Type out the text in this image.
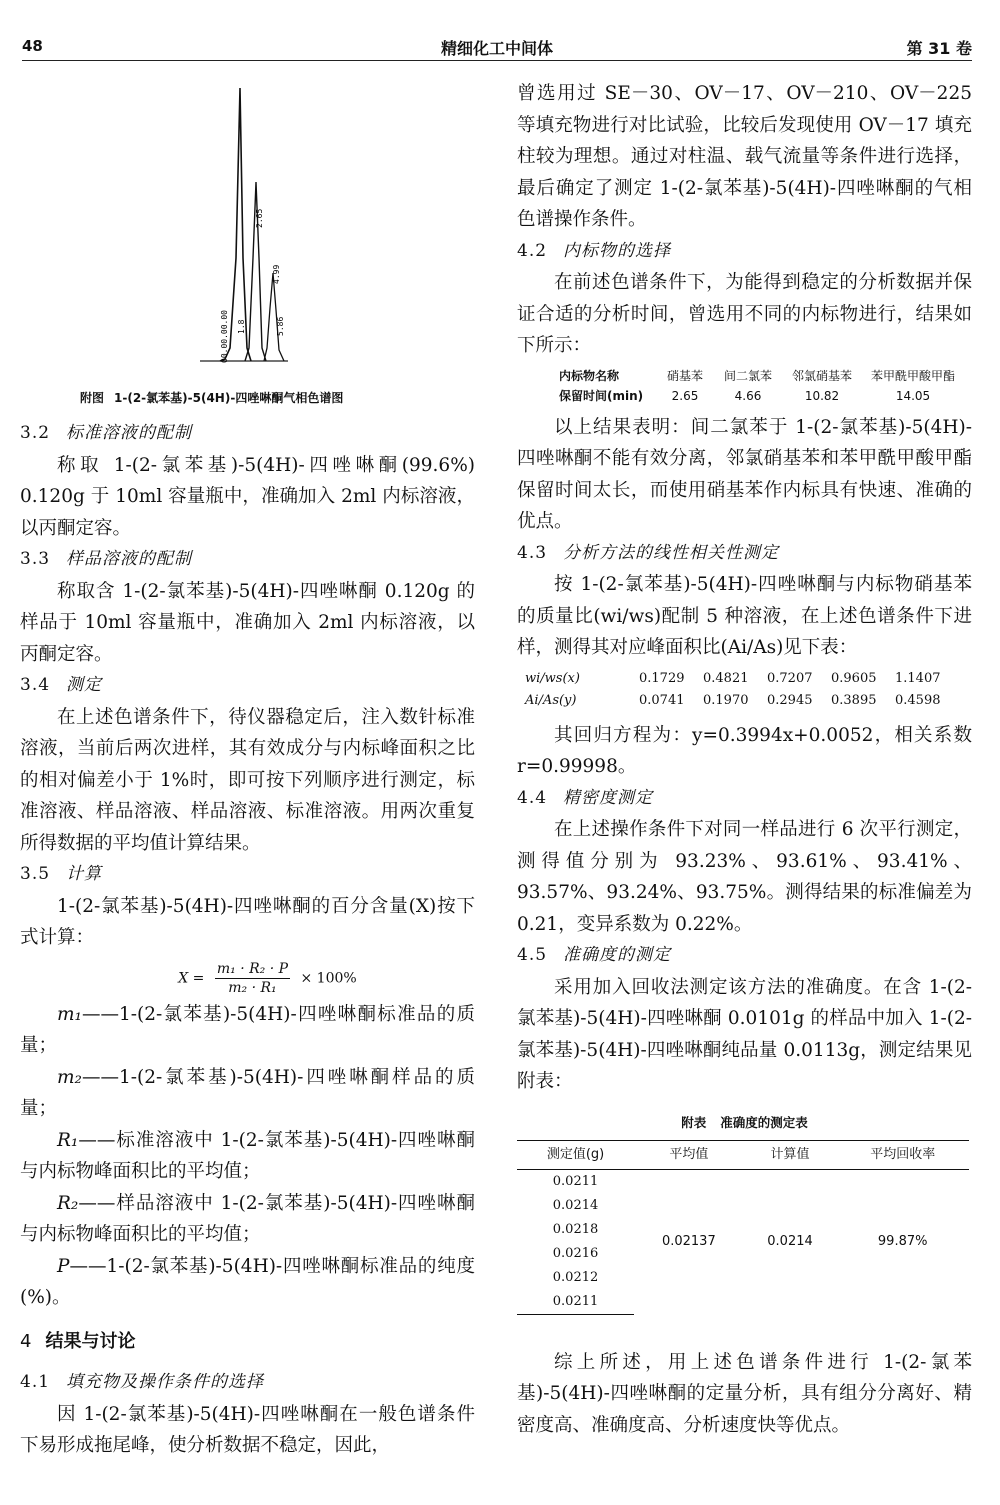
48	精细化工中间体	第 31 卷
00.00.00.00 1.8
2.65
4.99
5.86
附图 1-(2-氯苯基)-5(4H)-四唑啉酮气相色谱图
3.2 标准溶液的配制

称取 1-(2-氯苯基)-5(4H)-四唑啉酮(99.6%) 0.120g 于 10ml 容量瓶中，准确加入 2ml 内标溶液，以丙酮定容。

3.3 样品溶液的配制

称取含 1-(2-氯苯基)-5(4H)-四唑啉酮 0.120g 的样品于 10ml 容量瓶中，准确加入 2ml 内标溶液，以丙酮定容。

3.4 测定

在上述色谱条件下，待仪器稳定后，注入数针标准溶液，当前后两次进样，其有效成分与内标峰面积之比的相对偏差小于 1%时，即可按下列顺序进行测定，标准溶液、样品溶液、样品溶液、标准溶液。用两次重复所得数据的平均值计算结果。

3.5 计算

1-(2-氯苯基)-5(4H)-四唑啉酮的百分含量(X)按下式计算：

$X = \frac{\text{m₁ · R₂ · P}}{\text{m₂ · R₁}} \times 100\%$

m₁——1-(2-氯苯基)-5(4H)-四唑啉酮标准品的质量；

m₂——1-(2-氯苯基)-5(4H)-四唑啉酮样品的质量；

R₁——标准溶液中 1-(2-氯苯基)-5(4H)-四唑啉酮与内标物峰面积比的平均值；

R₂——样品溶液中 1-(2-氯苯基)-5(4H)-四唑啉酮与内标物峰面积比的平均值；

P——1-(2-氯苯基)-5(4H)-四唑啉酮标准品的纯度(%)。

4 结果与讨论
4.1 填充物及操作条件的选择

因 1-(2-氯苯基)-5(4H)-四唑啉酮在一般色谱条件下易形成拖尾峰，使分析数据不稳定，因此，

曾选用过 SE－30、OV－17、OV－210、OV－225 等填充物进行对比试验，比较后发现使用 OV－17 填充柱较为理想。通过对柱温、载气流量等条件进行选择，最后确定了测定 1-(2-氯苯基)-5(4H)-四唑啉酮的气相色谱操作条件。

4.2 内标物的选择

在前述色谱条件下，为能得到稳定的分析数据并保证合适的分析时间，曾选用不同的内标物进行，结果如下所示：

内标物名称	硝基苯	间二氯苯	邻氯硝基苯	苯甲酰甲酸甲酯
保留时间(min)	2.65	4.66	10.82	14.05

以上结果表明：间二氯苯于 1-(2-氯苯基)-5(4H)-四唑啉酮不能有效分离，邻氯硝基苯和苯甲酰甲酸甲酯保留时间太长，而使用硝基苯作内标具有快速、准确的优点。

4.3 分析方法的线性相关性测定

按 1-(2-氯苯基)-5(4H)-四唑啉酮与内标物硝基苯的质量比(wi/ws)配制 5 种溶液，在上述色谱条件下进样，测得其对应峰面积比(Ai/As)见下表：

wi/ws(x)	0.1729	0.4821	0.7207	0.9605	1.1407
Ai/As(y)	0.0741	0.1970	0.2945	0.3895	0.4598

其回归方程为：y=0.3994x+0.0052，相关系数 r=0.99998。

4.4 精密度测定

在上述操作条件下对同一样品进行 6 次平行测定，测得值分别为 93.23%、93.61%、93.41%、93.57%、93.24%、93.75%。测得结果的标准偏差为 0.21，变异系数为 0.22%。

4.5 准确度的测定

采用加入回收法测定该方法的准确度。在含 1-(2-氯苯基)-5(4H)-四唑啉酮 0.0101g 的样品中加入 1-(2-氯苯基)-5(4H)-四唑啉酮纯品量 0.0113g，测定结果见附表：

附表 准确度的测定表
测定值(g)	平均值	计算值	平均回收率
0.0211	0.02137	0.0214	99.87%
0.0214			
0.0218			
0.0216			
0.0212			
0.0211			

综上所述，用上述色谱条件进行 1-(2-氯苯基)-5(4H)-四唑啉酮的定量分析，具有组分分离好、精密度高、准确度高、分析速度快等优点。
